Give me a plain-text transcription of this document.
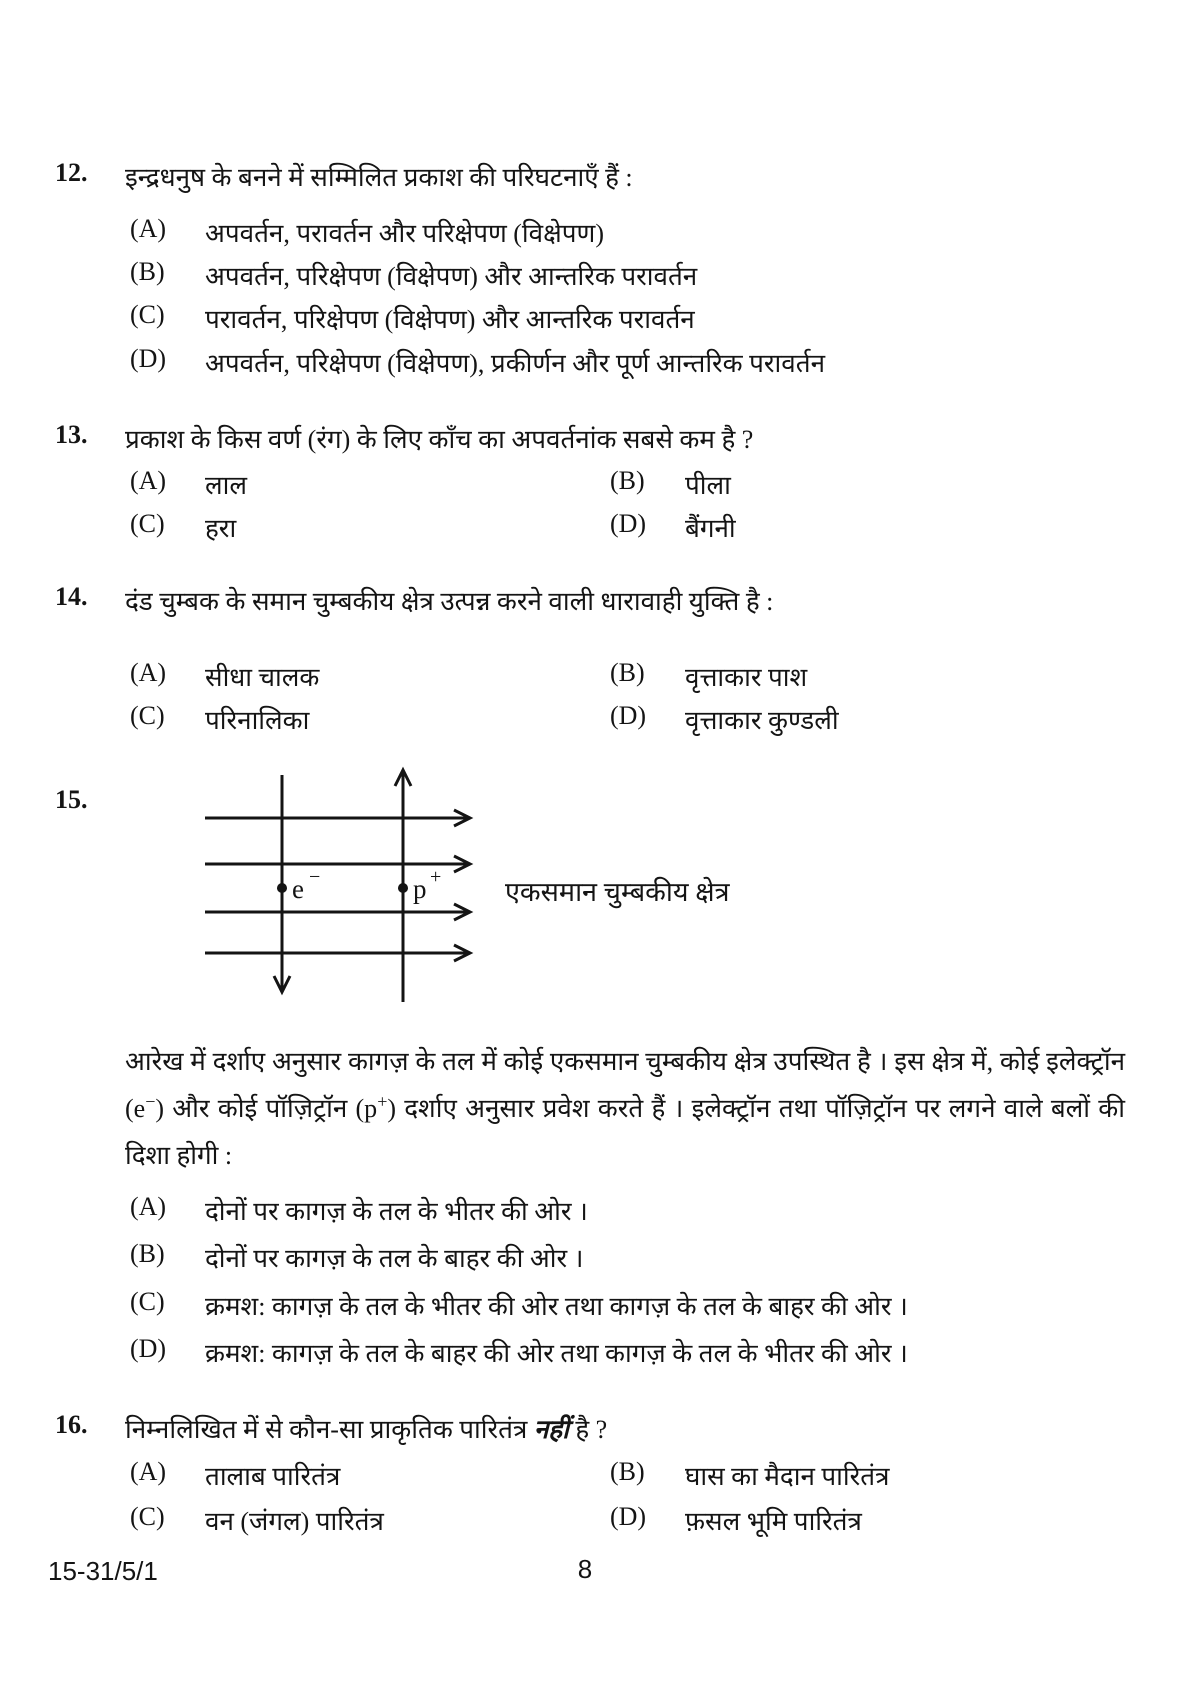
12. इन्द्रधनुष के बनने में सम्मिलित प्रकाश की परिघटनाएँ हैं :
(A) अपवर्तन, परावर्तन और परिक्षेपण (विक्षेपण)
(B) अपवर्तन, परिक्षेपण (विक्षेपण) और आन्तरिक परावर्तन
(C) परावर्तन, परिक्षेपण (विक्षेपण) और आन्तरिक परावर्तन
(D) अपवर्तन, परिक्षेपण (विक्षेपण), प्रकीर्णन और पूर्ण आन्तरिक परावर्तन
13. प्रकाश के किस वर्ण (रंग) के लिए काँच का अपवर्तनांक सबसे कम है ?
(A) लाल	(B) पीला
(C) हरा	(D) बैंगनी
14. दंड चुम्बक के समान चुम्बकीय क्षेत्र उत्पन्न करने वाली धारावाही युक्ति है :
(A) सीधा चालक	(B) वृत्ताकार पाश
(C) परिनालिका	(D) वृत्ताकार कुण्डली
15.
e −	p + एकसमान चुम्बकीय क्षेत्र
आरेख में दर्शाए अनुसार कागज़ के तल में कोई एकसमान चुम्बकीय क्षेत्र उपस्थित है । इस क्षेत्र में, कोई इलेक्ट्रॉन (e−) और कोई पॉज़िट्रॉन (p+) दर्शाए अनुसार प्रवेश करते हैं । इलेक्ट्रॉन तथा पॉज़िट्रॉन पर लगने वाले बलों की दिशा होगी :
(A) दोनों पर कागज़ के तल के भीतर की ओर ।
(B) दोनों पर कागज़ के तल के बाहर की ओर ।
(C) क्रमश: कागज़ के तल के भीतर की ओर तथा कागज़ के तल के बाहर की ओर ।
(D) क्रमश: कागज़ के तल के बाहर की ओर तथा कागज़ के तल के भीतर की ओर ।
16. निम्नलिखित में से कौन-सा प्राकृतिक पारितंत्र नहीं है ?
(A) तालाब पारितंत्र	(B) घास का मैदान पारितंत्र
(C) वन (जंगल) पारितंत्र	(D) फ़सल भूमि पारितंत्र
15-31/5/1	8
